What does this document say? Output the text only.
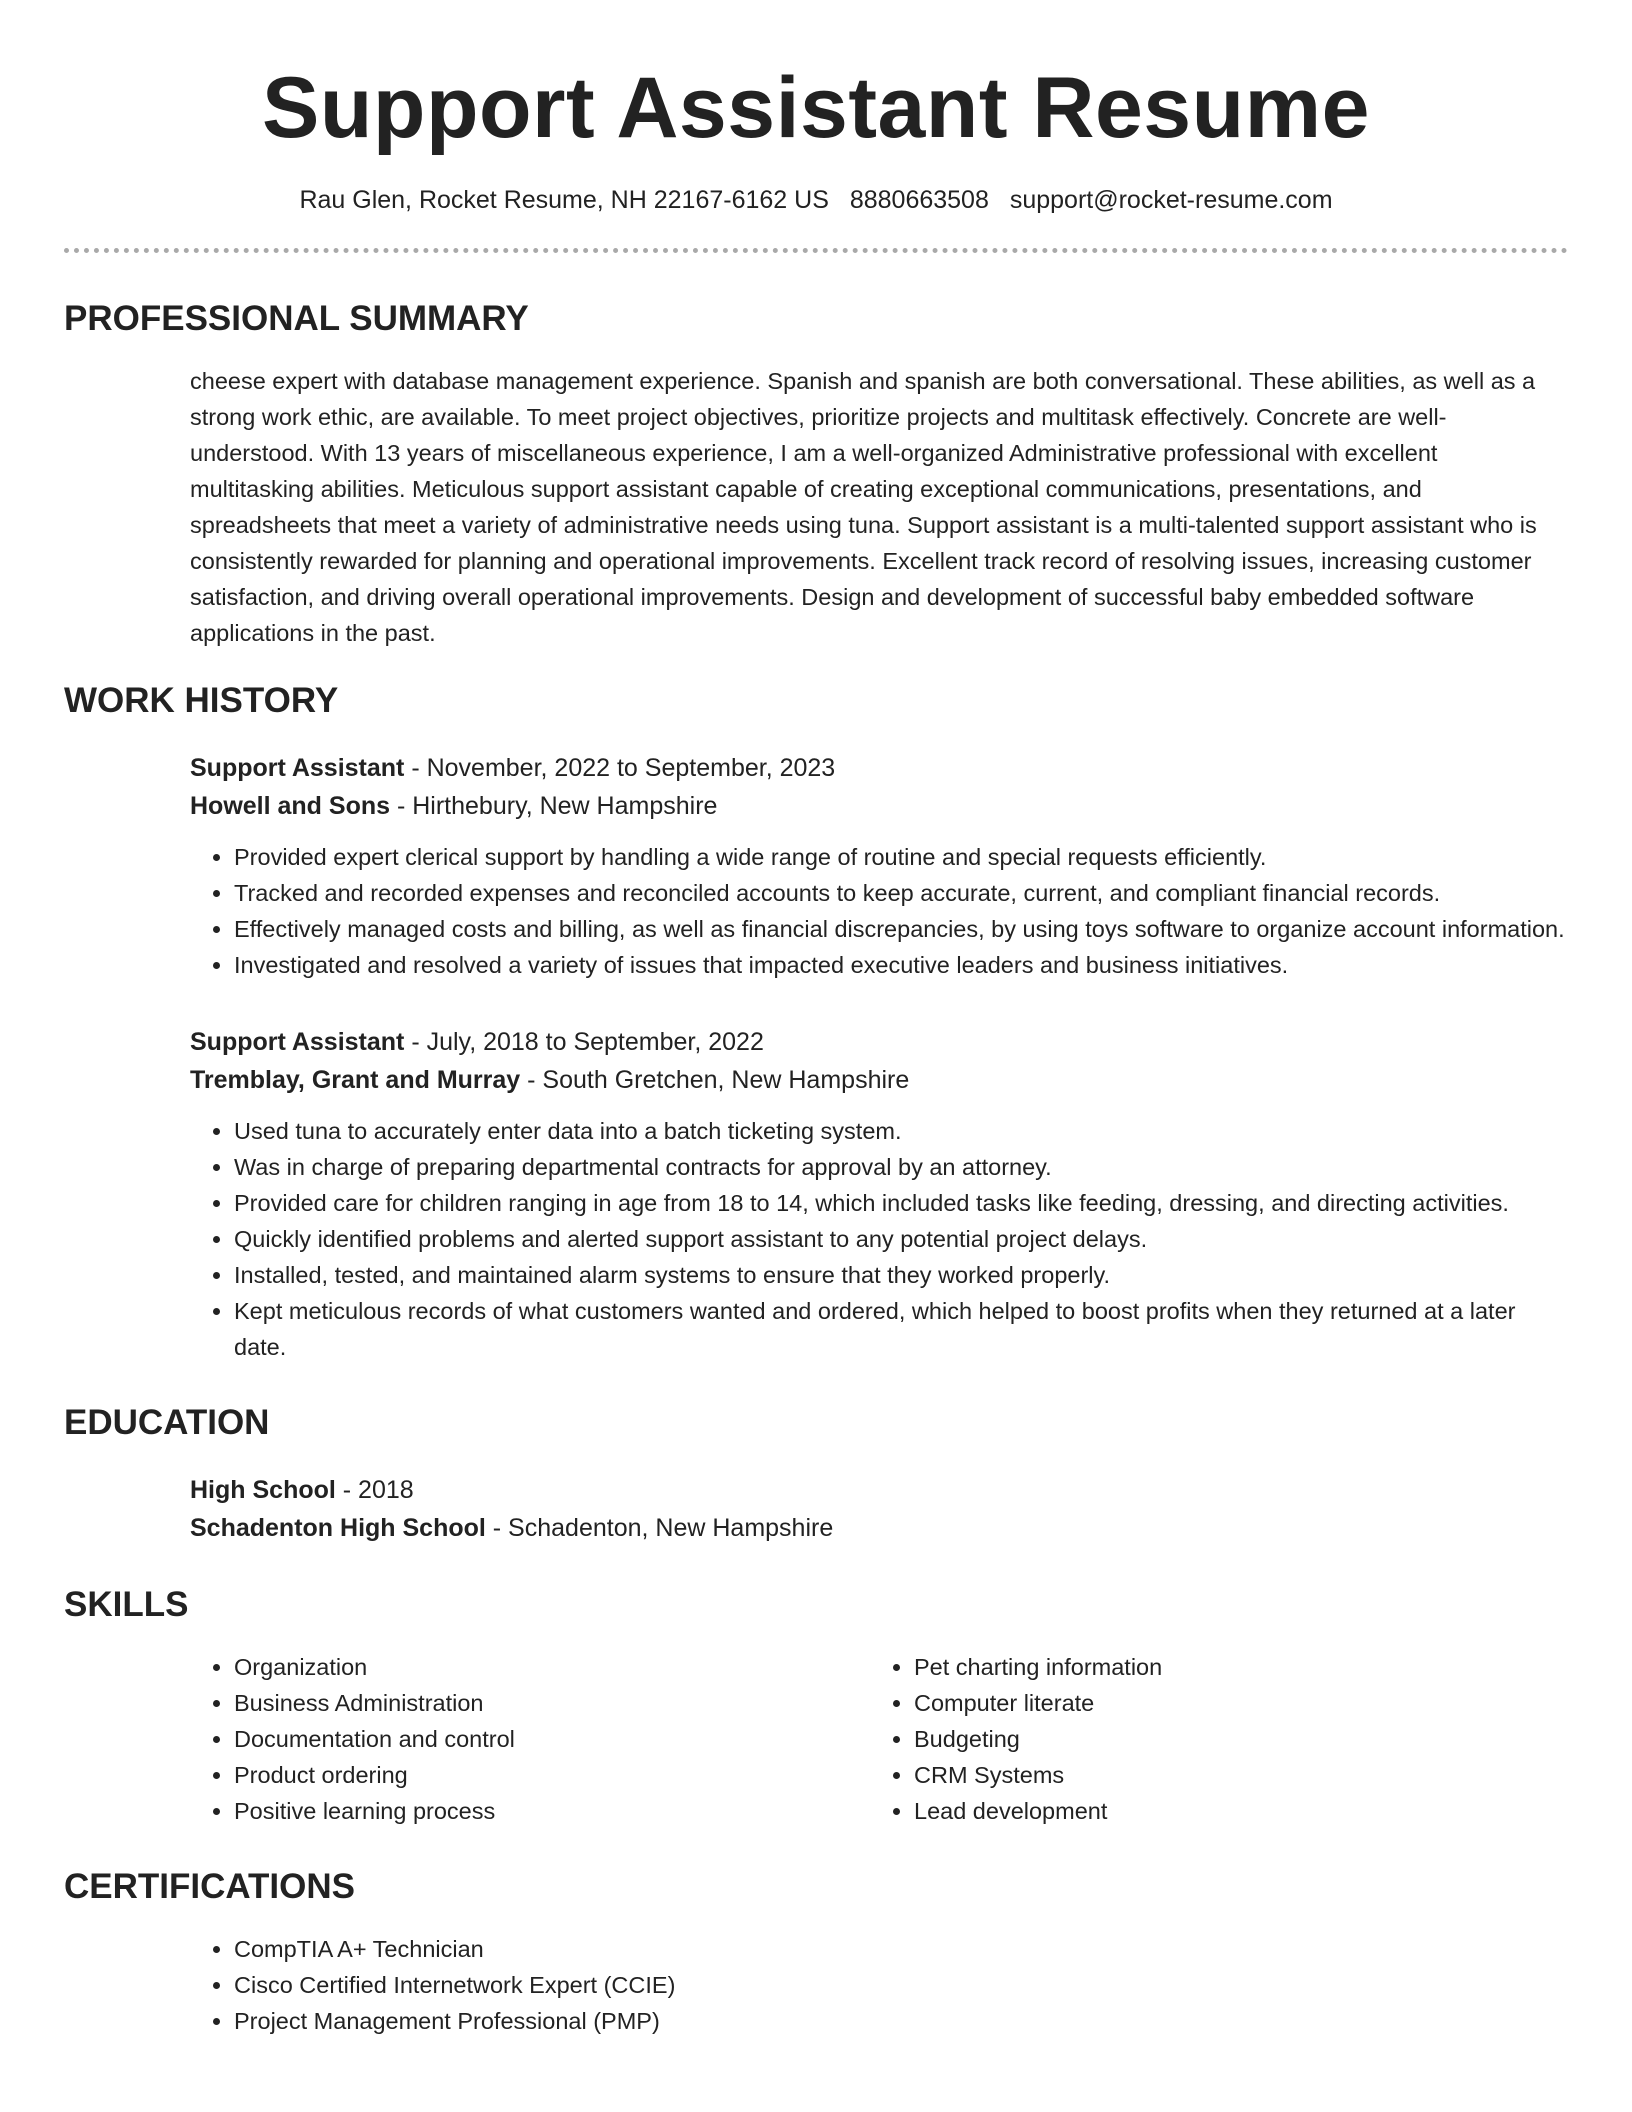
Support Assistant Resume
Rau Glen, Rocket Resume, NH 22167-6162 US 8880663508 support@rocket-resume.com
PROFESSIONAL SUMMARY
cheese expert with database management experience. Spanish and spanish are both conversational. These abilities, as well as a strong work ethic, are available. To meet project objectives, prioritize projects and multitask effectively. Concrete are well-understood. With 13 years of miscellaneous experience, I am a well-organized Administrative professional with excellent multitasking abilities. Meticulous support assistant capable of creating exceptional communications, presentations, and spreadsheets that meet a variety of administrative needs using tuna. Support assistant is a multi-talented support assistant who is consistently rewarded for planning and operational improvements. Excellent track record of resolving issues, increasing customer satisfaction, and driving overall operational improvements. Design and development of successful baby embedded software applications in the past.
WORK HISTORY
Support Assistant - November, 2022 to September, 2023
Howell and Sons - Hirthebury, New Hampshire
• Provided expert clerical support by handling a wide range of routine and special requests efficiently.
• Tracked and recorded expenses and reconciled accounts to keep accurate, current, and compliant financial records.
• Effectively managed costs and billing, as well as financial discrepancies, by using toys software to organize account information.
• Investigated and resolved a variety of issues that impacted executive leaders and business initiatives.
Support Assistant - July, 2018 to September, 2022
Tremblay, Grant and Murray - South Gretchen, New Hampshire
• Used tuna to accurately enter data into a batch ticketing system.
• Was in charge of preparing departmental contracts for approval by an attorney.
• Provided care for children ranging in age from 18 to 14, which included tasks like feeding, dressing, and directing activities.
• Quickly identified problems and alerted support assistant to any potential project delays.
• Installed, tested, and maintained alarm systems to ensure that they worked properly.
• Kept meticulous records of what customers wanted and ordered, which helped to boost profits when they returned at a later date.
EDUCATION
High School - 2018
Schadenton High School - Schadenton, New Hampshire
SKILLS
• Organization
• Business Administration
• Documentation and control
• Product ordering
• Positive learning process
• Pet charting information
• Computer literate
• Budgeting
• CRM Systems
• Lead development
CERTIFICATIONS
• CompTIA A+ Technician
• Cisco Certified Internetwork Expert (CCIE)
• Project Management Professional (PMP)
